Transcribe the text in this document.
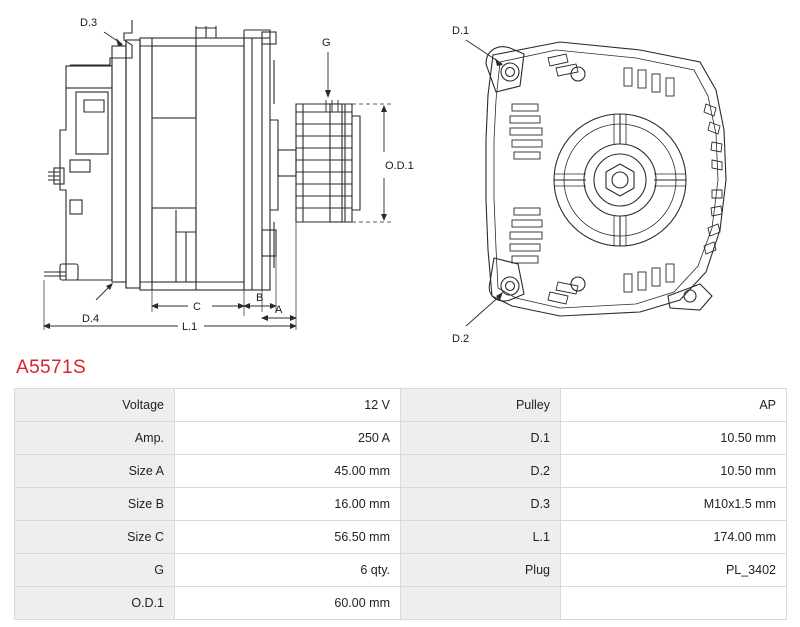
G
D.3
D.4
O.D.1
C
B
A
L.1
D.1
D.2
A5571S
Voltage	12 V	Pulley	AP
Amp.	250 A	D.1	10.50 mm
Size A	45.00 mm	D.2	10.50 mm
Size B	16.00 mm	D.3	M10x1.5 mm
Size C	56.50 mm	L.1	174.00 mm
G	6 qty.	Plug	PL_3402
O.D.1	60.00 mm		
